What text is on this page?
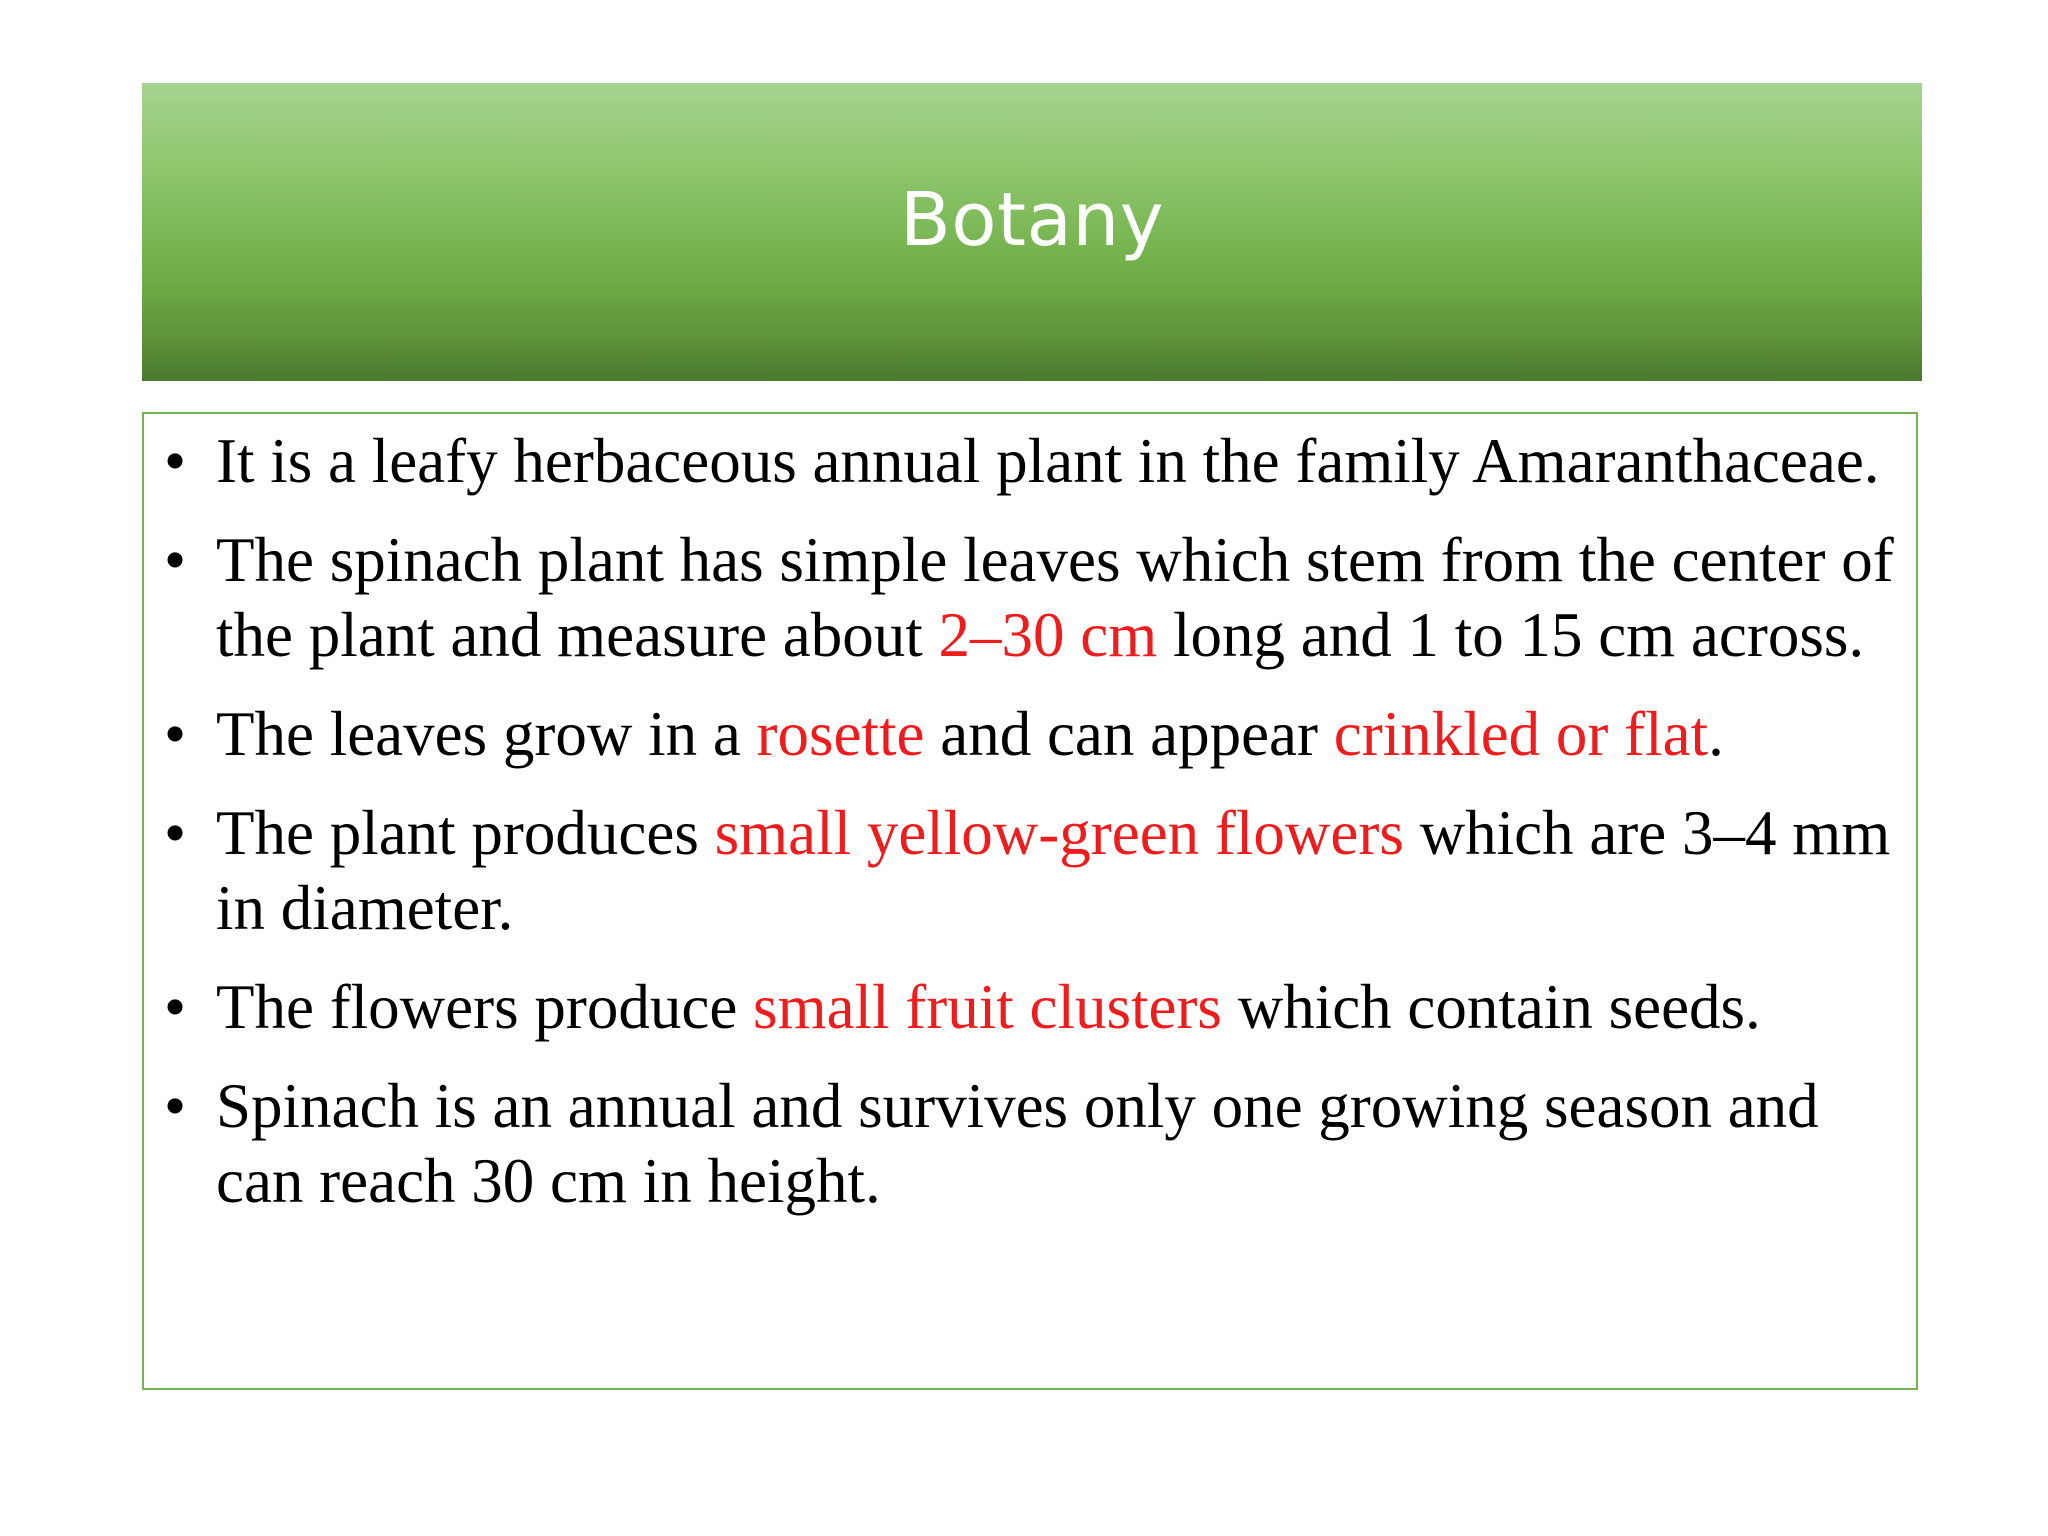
Botany
• It is a leafy herbaceous annual plant in the family Amaranthaceae.
• The spinach plant has simple leaves which stem from the center of the plant and measure about 2–30 cm long and 1 to 15 cm across.
• The leaves grow in a rosette and can appear crinkled or flat.
• The plant produces small yellow-green flowers which are 3–4 mm in diameter.
• The flowers produce small fruit clusters which contain seeds.
• Spinach is an annual and survives only one growing season and can reach 30 cm in height.
